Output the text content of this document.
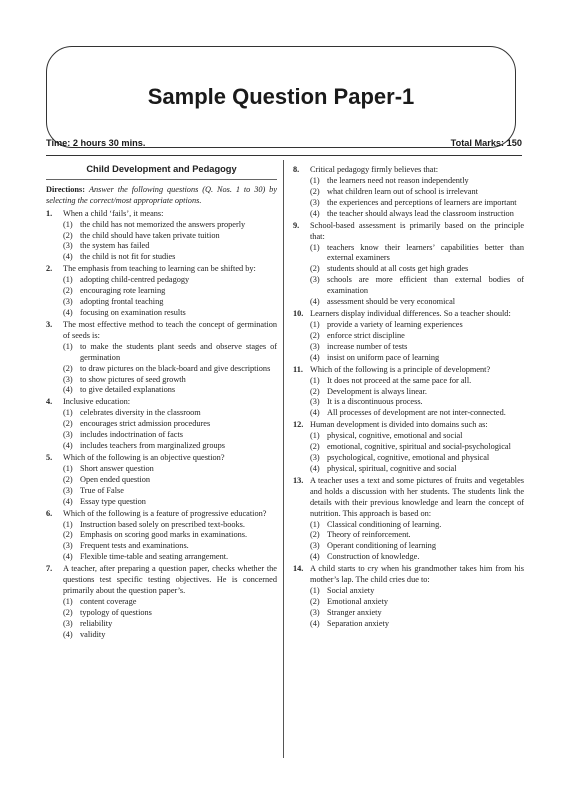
Sample Question Paper-1
Time: 2 hours 30 mins.	Total Marks: 150
Child Development and Pedagogy
Directions: Answer the following questions (Q. Nos. 1 to 30) by selecting the correct/most appropriate options.
1.	When a child ‘fails’, it means:
(1) the child has not memorized the answers properly
(2) the child should have taken private tuition
(3) the system has failed
(4) the child is not fit for studies
2.	The emphasis from teaching to learning can be shifted by:
(1) adopting child-centred pedagogy
(2) encouraging rote learning
(3) adopting frontal teaching
(4) focusing on examination results
3.	The most effective method to teach the concept of germination of seeds is:
(1) to make the students plant seeds and observe stages of germination
(2) to draw pictures on the black-board and give descriptions
(3) to show pictures of seed growth
(4) to give detailed explanations
4.	Inclusive education:
(1) celebrates diversity in the classroom
(2) encourages strict admission procedures
(3) includes indoctrination of facts
(4) includes teachers from marginalized groups
5.	Which of the following is an objective question?
(1) Short answer question
(2) Open ended question
(3) True of False
(4) Essay type question
6.	Which of the following is a feature of progressive education?
(1) Instruction based solely on prescribed text-books.
(2) Emphasis on scoring good marks in examinations.
(3) Frequent tests and examinations.
(4) Flexible time-table and seating arrangement.
7.	A teacher, after preparing a question paper, checks whether the questions test specific testing objectives. He is concerned primarily about the question paper’s.
(1) content coverage
(2) typology of questions
(3) reliability
(4) validity
8.	Critical pedagogy firmly believes that:
(1) the learners need not reason independently
(2) what children learn out of school is irrelevant
(3) the experiences and perceptions of learners are important
(4) the teacher should always lead the classroom instruction
9.	School-based assessment is primarily based on the principle that:
(1) teachers know their learners’ capabilities better than external examiners
(2) students should at all costs get high grades
(3) schools are more efficient than external bodies of examination
(4) assessment should be very economical
10. Learners display individual differences. So a teacher should:
(1) provide a variety of learning experiences
(2) enforce strict discipline
(3) increase number of tests
(4) insist on uniform pace of learning
11. Which of the following is a principle of development?
(1) It does not proceed at the same pace for all.
(2) Development is always linear.
(3) It is a discontinuous process.
(4) All processes of development are not inter-connected.
12. Human development is divided into domains such as:
(1) physical, cognitive, emotional and social
(2) emotional, cognitive, spiritual and social-psychological
(3) psychological, cognitive, emotional and physical
(4) physical, spiritual, cognitive and social
13. A teacher uses a text and some pictures of fruits and vegetables and holds a discussion with her students. The students link the details with their previous knowledge and learn the concept of nutrition. This approach is based on:
(1) Classical conditioning of learning.
(2) Theory of reinforcement.
(3) Operant conditioning of learning
(4) Construction of knowledge.
14. A child starts to cry when his grandmother takes him from his mother’s lap. The child cries due to:
(1) Social anxiety
(2) Emotional anxiety
(3) Stranger anxiety
(4) Separation anxiety
